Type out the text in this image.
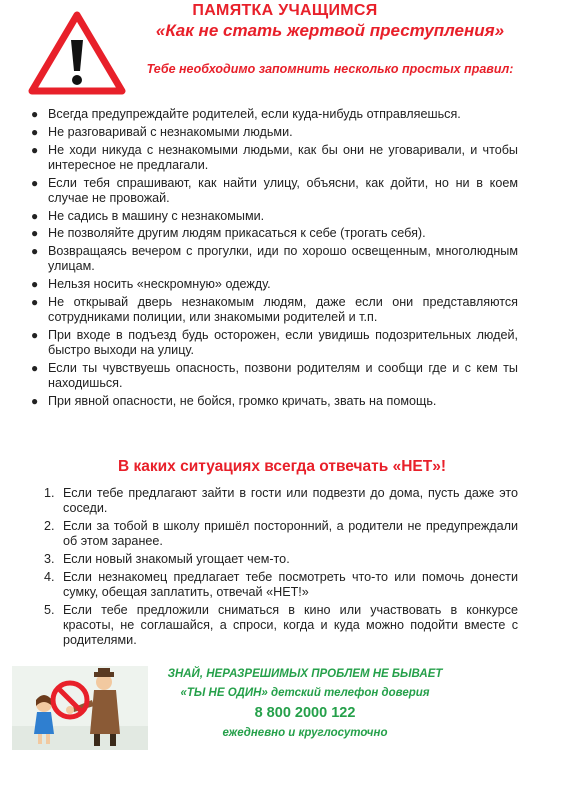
ПАМЯТКА УЧАЩИМСЯ
«Как не стать жертвой преступления»
Тебе необходимо запомнить несколько простых правил:
● Всегда предупреждайте родителей, если куда-нибудь отправляешься.
● Не разговаривай с незнакомыми людьми.
● Не ходи никуда с незнакомыми людьми, как бы они не уговаривали, и чтобы интересное не предлагали.
● Если тебя спрашивают, как найти улицу, объясни, как дойти, но ни в коем случае не провожай.
● Не садись в машину с незнакомыми.
● Не позволяйте другим людям прикасаться к себе (трогать себя).
● Возвращаясь вечером с прогулки, иди по хорошо освещенным, многолюдным улицам.
● Нельзя носить «нескромную» одежду.
● Не открывай дверь незнакомым людям, даже если они представляются сотрудниками полиции, или знакомыми родителей и т.п.
● При входе в подъезд будь осторожен, если увидишь подозрительных людей, быстро выходи на улицу.
● Если ты чувствуешь опасность, позвони родителям и сообщи где и с кем ты находишься.
● При явной опасности, не бойся, громко кричать, звать на помощь.
В каких ситуациях всегда отвечать «НЕТ»!
1. Если тебе предлагают зайти в гости или подвезти до дома, пусть даже это соседи.
2. Если за тобой в школу пришёл посторонний, а родители не предупреждали об этом заранее.
3. Если новый знакомый угощает чем-то.
4. Если незнакомец предлагает тебе посмотреть что-то или помочь донести сумку, обещая заплатить, отвечай «НЕТ!»
5. Если тебе предложили сниматься в кино или участвовать в конкурсе красоты, не соглашайся, а спроси, когда и куда можно подойти вместе с родителями.
ЗНАЙ, НЕРАЗРЕШИМЫХ ПРОБЛЕМ НЕ БЫВАЕТ
«ТЫ НЕ ОДИН» детский телефон доверия
8 800 2000 122
ежедневно и круглосуточно
